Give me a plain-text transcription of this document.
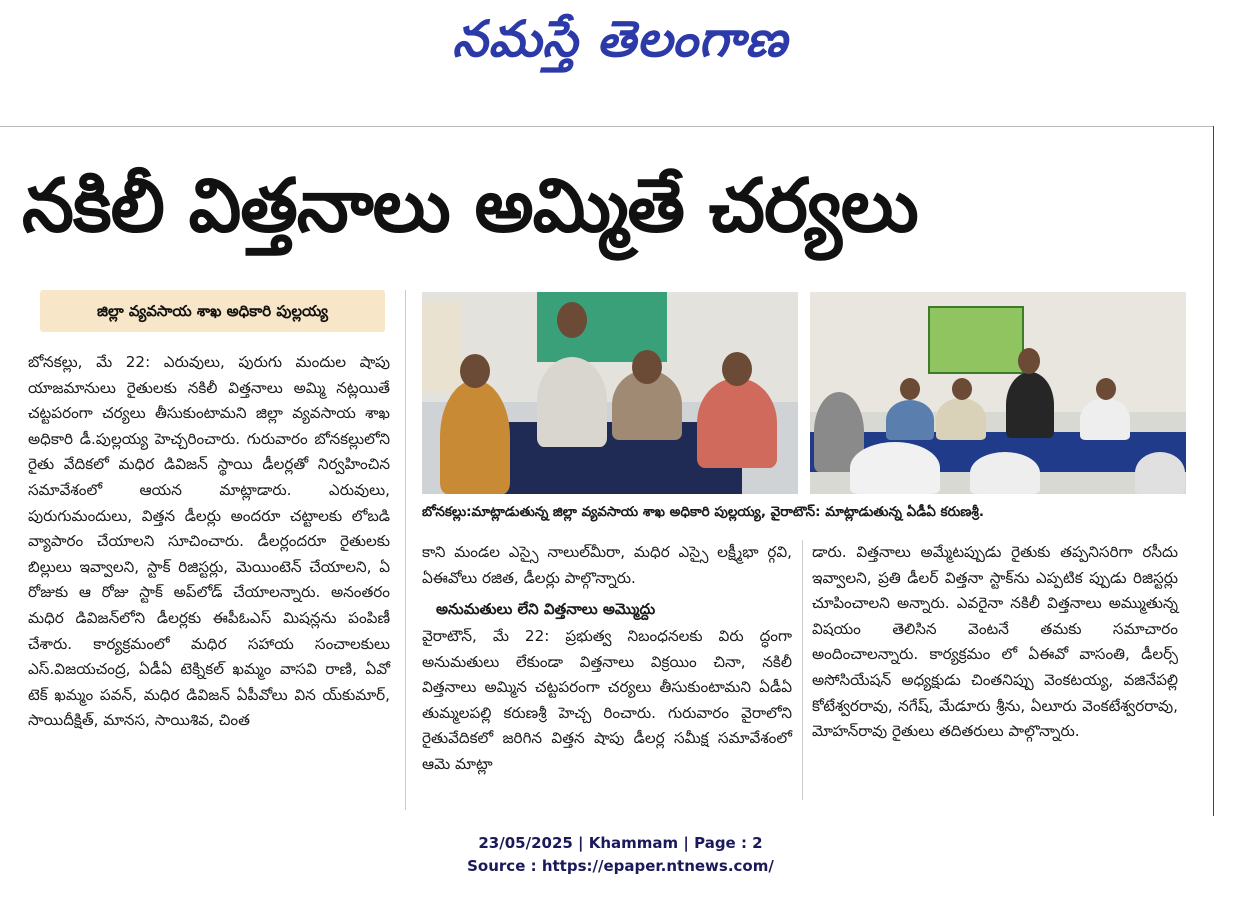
నమస్తే తెలంగాణ
నకిలీ విత్తనాలు అమ్మితే చర్యలు
జిల్లా వ్యవసాయ శాఖ అధికారి పుల్లయ్య
బోనకల్లు:మాట్లాడుతున్న జిల్లా వ్యవసాయ శాఖ అధికారి పుల్లయ్య, వైరాటౌన్: మాట్లాడుతున్న ఏడీఏ కరుణశ్రీ.

బోనకల్లు, మే 22: ఎరువులు, పురుగు మందుల షాపు యాజమానులు రైతులకు నకిలీ విత్తనాలు అమ్మి నట్లయితే చట్టపరంగా చర్యలు తీసుకుంటామని జిల్లా వ్యవసాయ శాఖ అధికారి డీ.పుల్లయ్య హెచ్చరించారు. గురువారం బోనకల్లులోని రైతు వేదికలో మధిర డివిజన్ స్థాయి డీలర్లతో నిర్వహించిన సమావేశంలో ఆయన మాట్లాడారు. ఎరువులు, పురుగుమందులు, విత్తన డీలర్లు అందరూ చట్టాలకు లోబడి వ్యాపారం చేయాలని సూచించారు. డీలర్లందరూ రైతులకు బిల్లులు ఇవ్వాలని, స్టాక్ రిజిస్టర్లు, మెయింటెన్ చేయాలని, ఏ రోజుకు ఆ రోజు స్టాక్ అప్‌లోడ్ చేయాలన్నారు. అనంతరం మధిర డివిజన్‌లోని డీలర్లకు ఈపీఓఎస్ మిషన్లను పంపిణీ చేశారు. కార్యక్రమంలో మధిర సహాయ సంచాలకులు ఎస్.విజయచంద్ర, ఏడీఏ టెక్నికల్ ఖమ్మం వాసవి రాణి, ఏవో టెక్ ఖమ్మం పవన్, మధిర డివిజన్ ఏపీవోలు విన య్‌కుమార్, సాయిదీక్షిత్, మానస, సాయిశివ, చింత

కాని మండల ఎస్సై నాలుల్‌మీరా, మధిర ఎస్సై లక్ష్మీభా ర్గవి, ఏఈవోలు రజిత, డీలర్లు పాల్గొన్నారు.

అనుమతులు లేని విత్తనాలు అమ్మొద్దు

వైరాటౌన్, మే 22: ప్రభుత్వ నిబంధనలకు విరు ద్ధంగా అనుమతులు లేకుండా విత్తనాలు విక్రయిం చినా, నకిలీ విత్తనాలు అమ్మిన చట్టపరంగా చర్యలు తీసుకుంటామని ఏడీఏ తుమ్మలపల్లి కరుణశ్రీ హెచ్చ రించారు. గురువారం వైరాలోని రైతువేదికలో జరిగిన విత్తన షాపు డీలర్ల సమీక్ష సమావేశంలో ఆమె మాట్లా

డారు. విత్తనాలు అమ్మేటప్పుడు రైతుకు తప్పనిసరిగా రసీదు ఇవ్వాలని, ప్రతి డీలర్ విత్తనా స్టాక్‌ను ఎప్పటిక ప్పుడు రిజిస్టర్లు చూపించాలని అన్నారు. ఎవరైనా నకిలీ విత్తనాలు అమ్ముతున్న విషయం తెలిసిన వెంటనే తమకు సమాచారం అందించాలన్నారు. కార్యక్రమం లో ఏఈవో వాసంతి, డీలర్స్ అసోసియేషన్ అధ్యక్షుడు చింతనిప్పు వెంకటయ్య, వజినేపల్లి కోటేశ్వరరావు, నగేష్, మేడూరు శ్రీను, ఏలూరు వెంకటేశ్వరరావు, మోహన్‌రావు రైతులు తదితరులు పాల్గొన్నారు.

23/05/2025 | Khammam | Page : 2
Source : https://epaper.ntnews.com/
